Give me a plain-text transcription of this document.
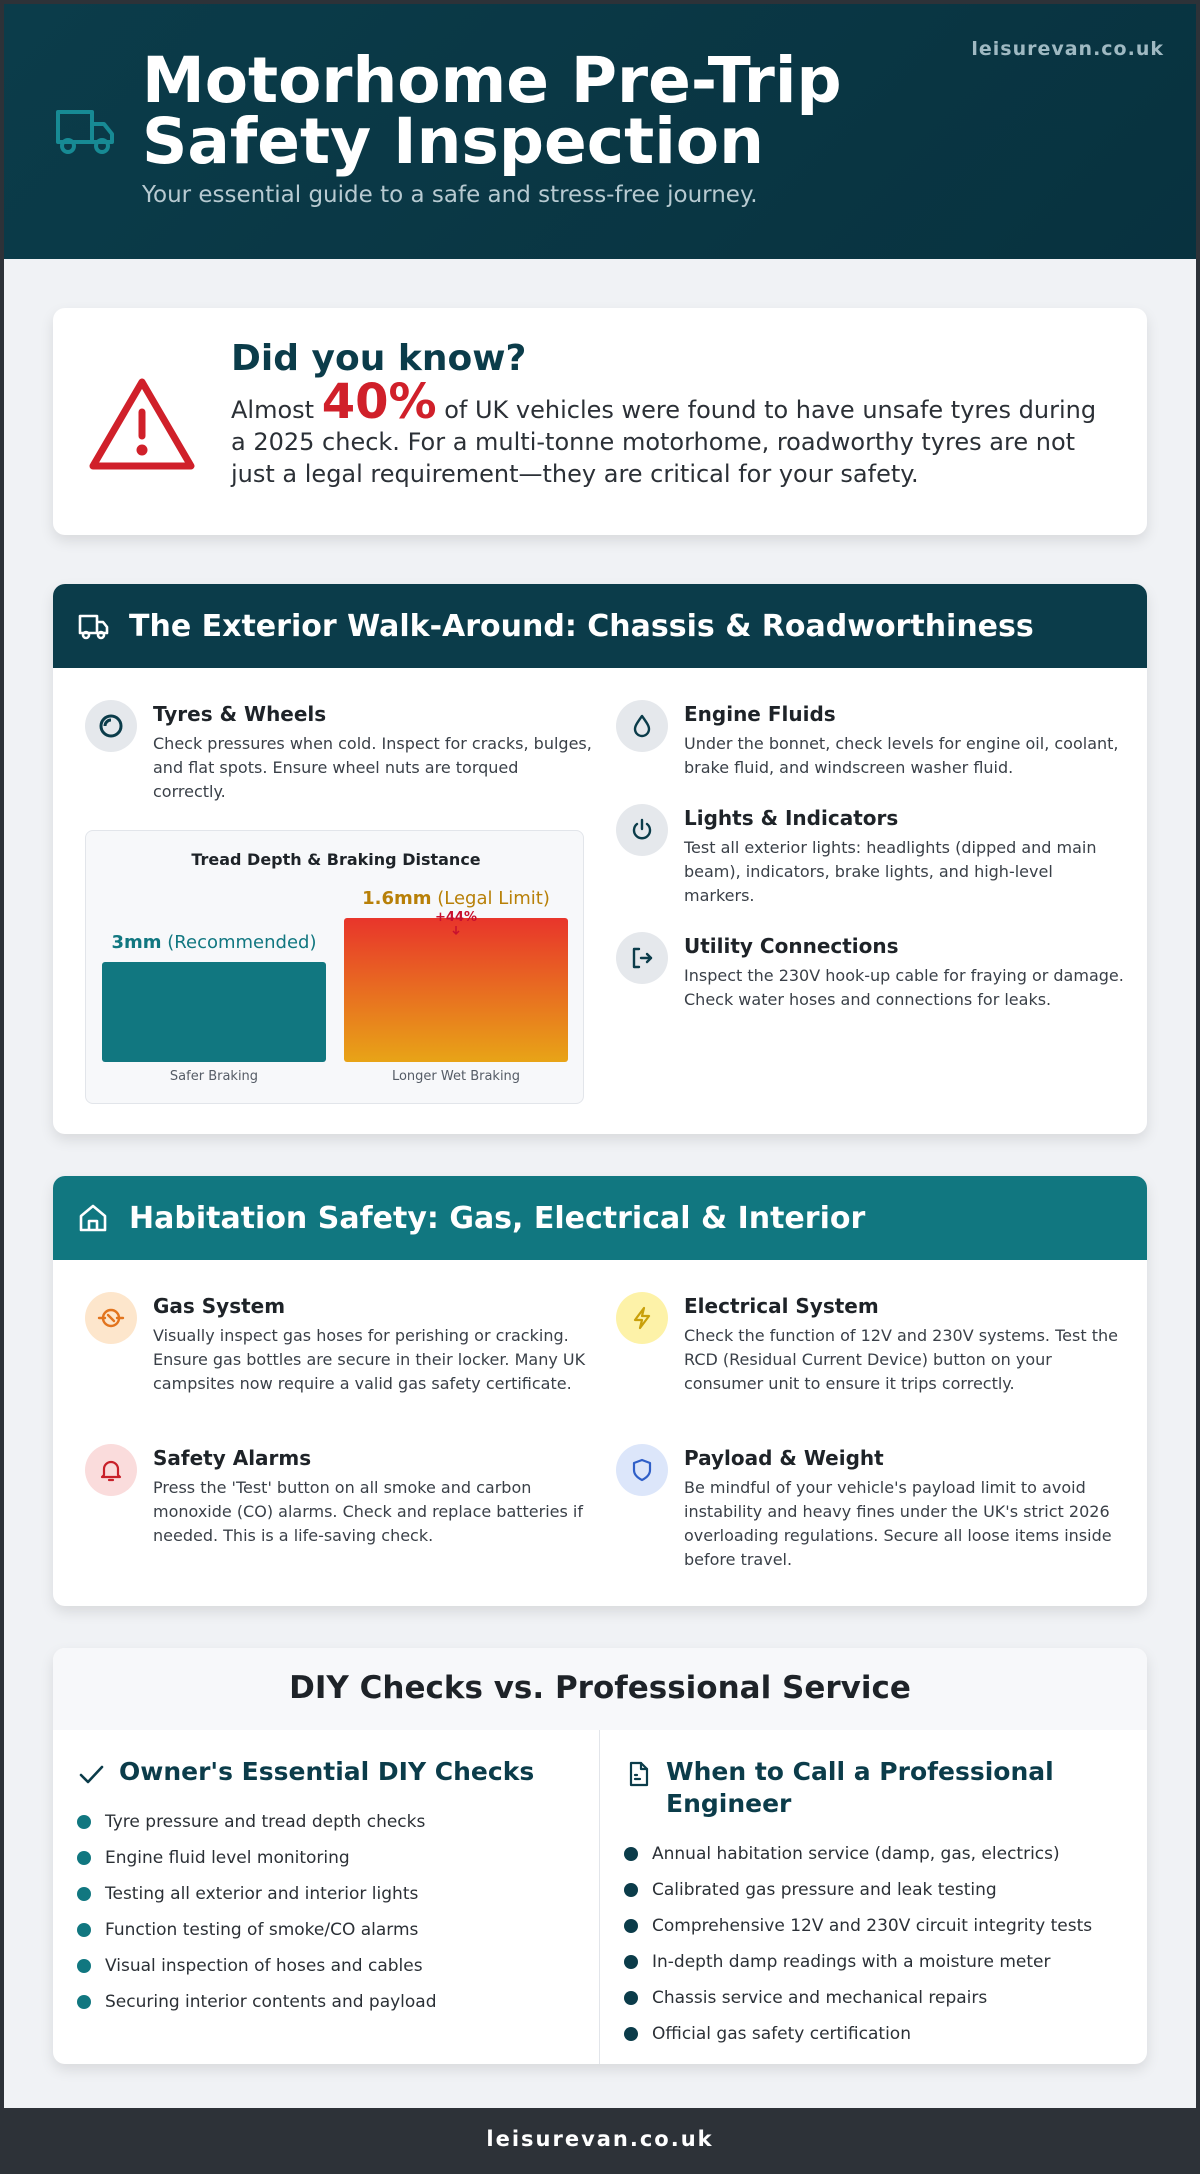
leisurevan.co.uk
Motorhome Pre-Trip Safety Inspection
Your essential guide to a safe and stress-free journey.
Did you know?

Almost 40% of UK vehicles were found to have unsafe tyres during a 2025 check. For a multi-tonne motorhome, roadworthy tyres are not just a legal requirement—they are critical for your safety.

The Exterior Walk-Around: Chassis & Roadworthiness
Tyres & Wheels
Check pressures when cold. Inspect for cracks, bulges, and flat spots. Ensure wheel nuts are torqued correctly.
Tread Depth & Braking Distance
3mm (Recommended)
Safer Braking
1.6mm (Legal Limit)
Longer Wet Braking
+44%
Engine Fluids
Under the bonnet, check levels for engine oil, coolant, brake fluid, and windscreen washer fluid.
Lights & Indicators
Test all exterior lights: headlights (dipped and main beam), indicators, brake lights, and high-level markers.
Utility Connections
Inspect the 230V hook-up cable for fraying or damage. Check water hoses and connections for leaks.
Habitation Safety: Gas, Electrical & Interior
Gas System
Visually inspect gas hoses for perishing or cracking. Ensure gas bottles are secure in their locker. Many UK campsites now require a valid gas safety certificate.
Electrical System
Check the function of 12V and 230V systems. Test the RCD (Residual Current Device) button on your consumer unit to ensure it trips correctly.
Safety Alarms
Press the 'Test' button on all smoke and carbon monoxide (CO) alarms. Check and replace batteries if needed. This is a life-saving check.
Payload & Weight
Be mindful of your vehicle's payload limit to avoid instability and heavy fines under the UK's strict 2026 overloading regulations. Secure all loose items inside before travel.
DIY Checks vs. Professional Service
Owner's Essential DIY Checks
Tyre pressure and tread depth checks
Engine fluid level monitoring
Testing all exterior and interior lights
Function testing of smoke/CO alarms
Visual inspection of hoses and cables
Securing interior contents and payload
When to Call a Professional Engineer
Annual habitation service (damp, gas, electrics)
Calibrated gas pressure and leak testing
Comprehensive 12V and 230V circuit integrity tests
In-depth damp readings with a moisture meter
Chassis service and mechanical repairs
Official gas safety certification
leisurevan.co.uk
